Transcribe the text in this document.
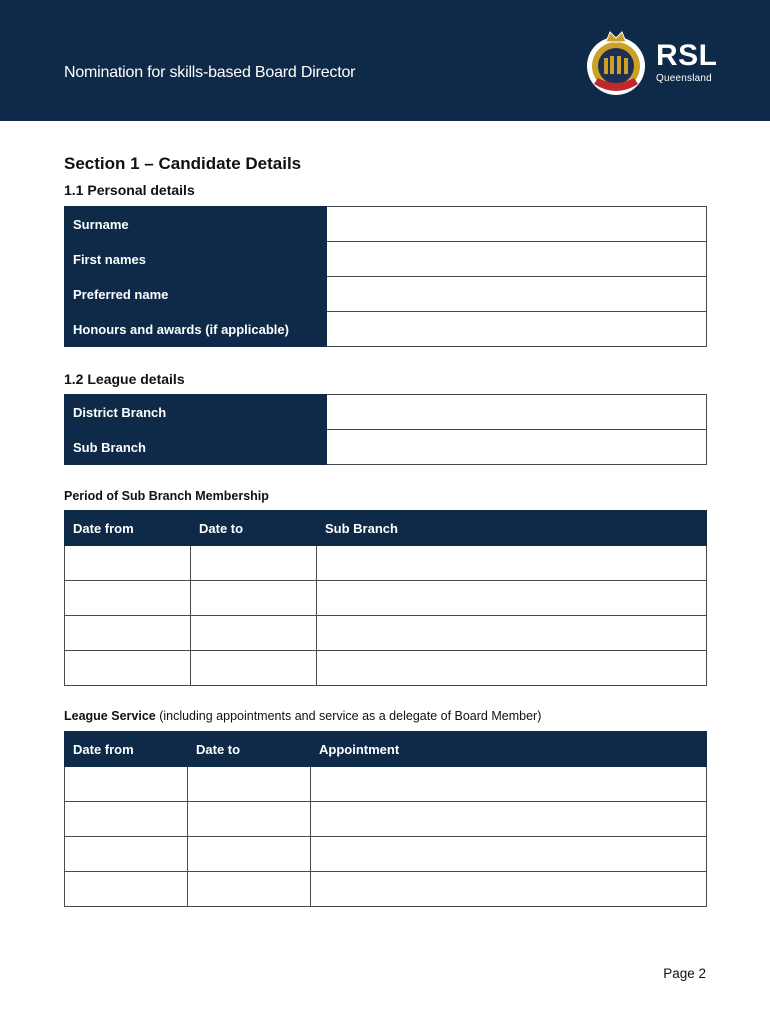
Nomination for skills-based Board Director
RSL
Queensland
Section 1 – Candidate Details
1.1 Personal details
Surname	
First names	
Preferred name	
Honours and awards (if applicable)	
1.2 League details
District Branch	
Sub Branch	
Period of Sub Branch Membership
Date from	Date to	Sub Branch

League Service (including appointments and service as a delegate of Board Member)
Date from	Date to	Appointment

Page 2
